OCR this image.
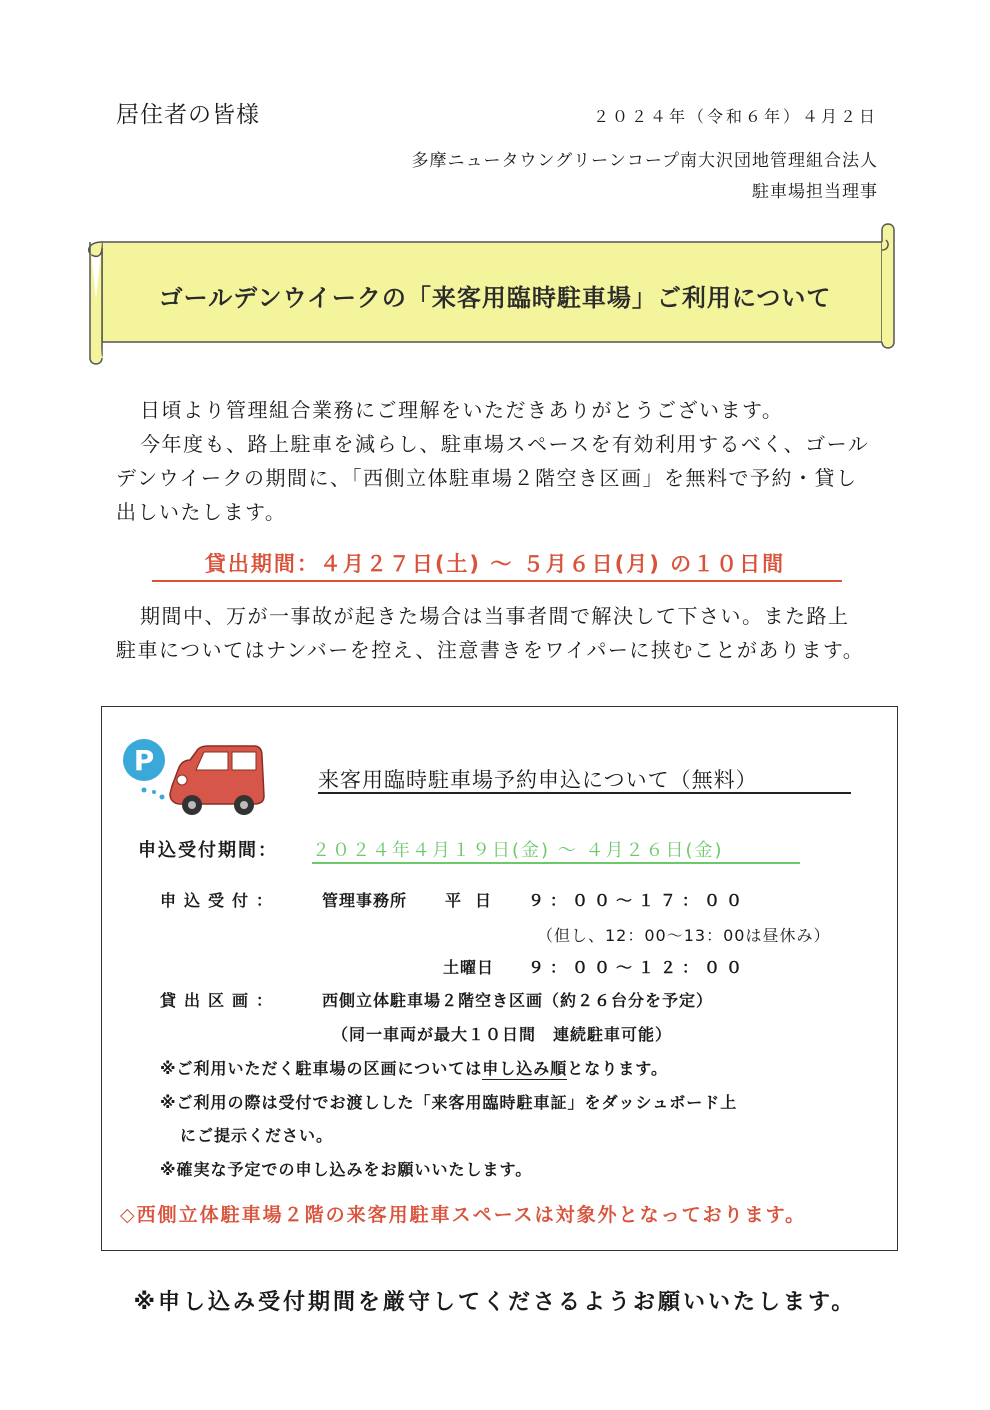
居住者の皆様	２０２４年（令和６年）４月２日
多摩ニュータウングリーンコープ南大沢団地管理組合法人
駐車場担当理事
ゴールデンウイークの「来客用臨時駐車場」ご利用について
日頃より管理組合業務にご理解をいただきありがとうございます。
今年度も、路上駐車を減らし、駐車場スペースを有効利用するべく、ゴール
デンウイークの期間に、「西側立体駐車場２階空き区画」を無料で予約・貸し
出しいたします。
貸出期間：４月２７日(土) ～ ５月６日(月) の１０日間
期間中、万が一事故が起きた場合は当事者間で解決して下さい。また路上
駐車についてはナンバーを控え、注意書きをワイパーに挟むことがあります。
P
来客用臨時駐車場予約申込について（無料）
申込受付期間： ２０２４年４月１９日(金) ～ ４月２６日(金)
申込受付：	管理事務所 平日 ９：００～１７：００
（但し、12：00～13：00は昼休み）
土曜日 ９：００～１２：００
貸出区画：	西側立体駐車場２階空き区画（約２６台分を予定）
（同一車両が最大１０日間　連続駐車可能）
※ご利用いただく駐車場の区画については申し込み順となります。
※ご利用の際は受付でお渡しした「来客用臨時駐車証」をダッシュボード上
にご提示ください。
※確実な予定での申し込みをお願いいたします。
◇西側立体駐車場２階の来客用駐車スペースは対象外となっております。
※申し込み受付期間を厳守してくださるようお願いいたします。
